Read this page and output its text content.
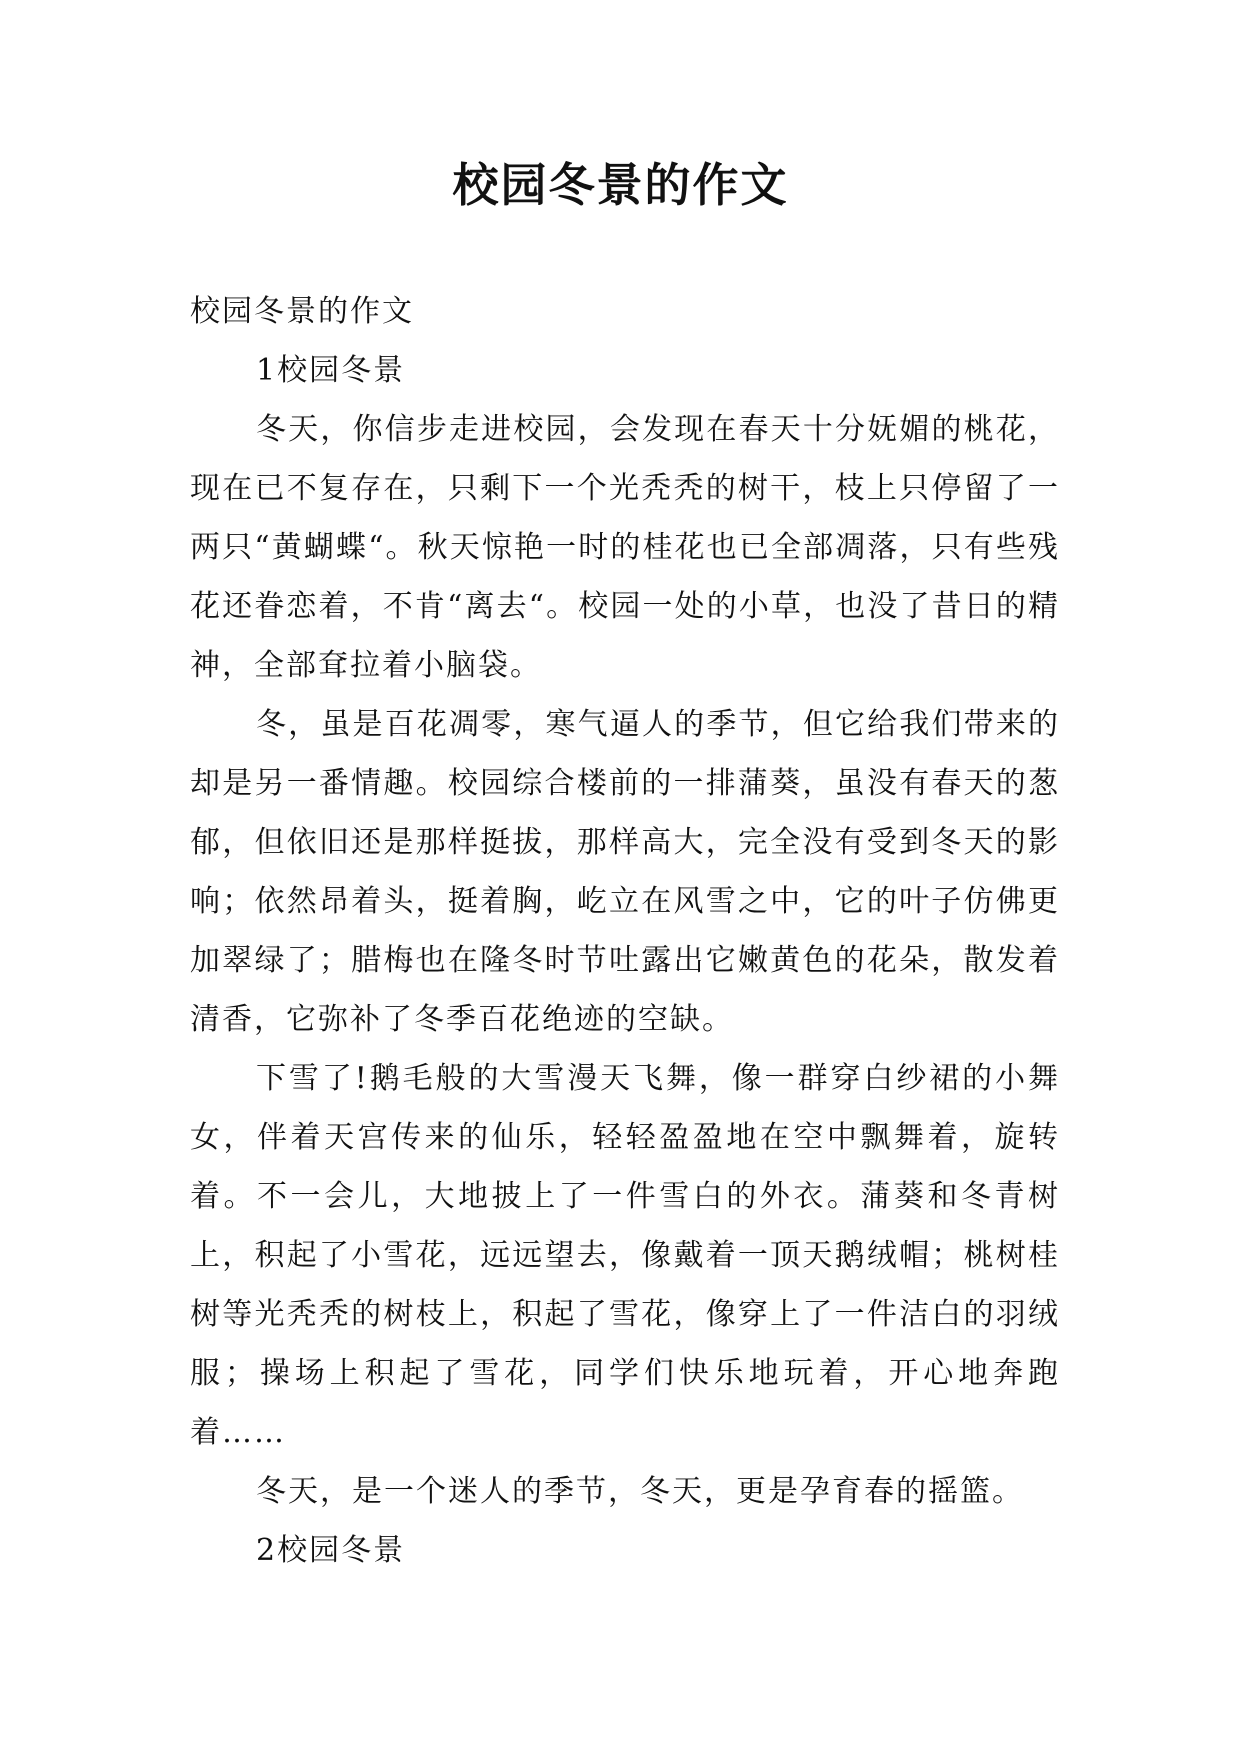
校园冬景的作文

校园冬景的作文

1校园冬景

冬天，你信步走进校园，会发现在春天十分妩媚的桃花，现在已不复存在，只剩下一个光秃秃的树干，枝上只停留了一两只“黄蝴蝶“。秋天惊艳一时的桂花也已全部凋落，只有些残花还眷恋着，不肯“离去“。校园一处的小草，也没了昔日的精神，全部耷拉着小脑袋。

冬，虽是百花凋零，寒气逼人的季节，但它给我们带来的却是另一番情趣。校园综合楼前的一排蒲葵，虽没有春天的葱郁，但依旧还是那样挺拔，那样高大，完全没有受到冬天的影响；依然昂着头，挺着胸，屹立在风雪之中，它的叶子仿佛更加翠绿了；腊梅也在隆冬时节吐露出它嫩黄色的花朵，散发着清香，它弥补了冬季百花绝迹的空缺。

下雪了!鹅毛般的大雪漫天飞舞，像一群穿白纱裙的小舞女，伴着天宫传来的仙乐，轻轻盈盈地在空中飘舞着，旋转着。不一会儿，大地披上了一件雪白的外衣。蒲葵和冬青树上，积起了小雪花，远远望去，像戴着一顶天鹅绒帽；桃树桂树等光秃秃的树枝上，积起了雪花，像穿上了一件洁白的羽绒服；操场上积起了雪花，同学们快乐地玩着，开心地奔跑着……

冬天，是一个迷人的季节，冬天，更是孕育春的摇篮。

2校园冬景
